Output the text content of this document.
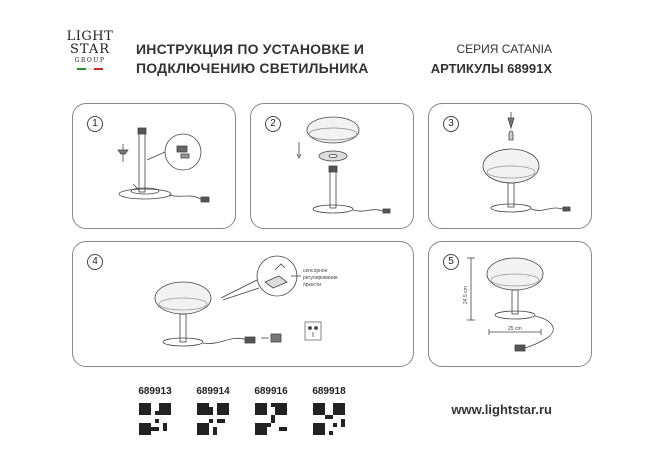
LIGHT
STAR
GROUP
ИНСТРУКЦИЯ ПО УСТАНОВКЕ И
ПОДКЛЮЧЕНИЮ СВЕТИЛЬНИКА
СЕРИЯ CATANIA
АРТИКУЛЫ 68991Х
1	2	3
4
сенсорное
регулирование
яркости
5
24,5 cm
25 cm
689913 689914 689916 689918
www.lightstar.ru
